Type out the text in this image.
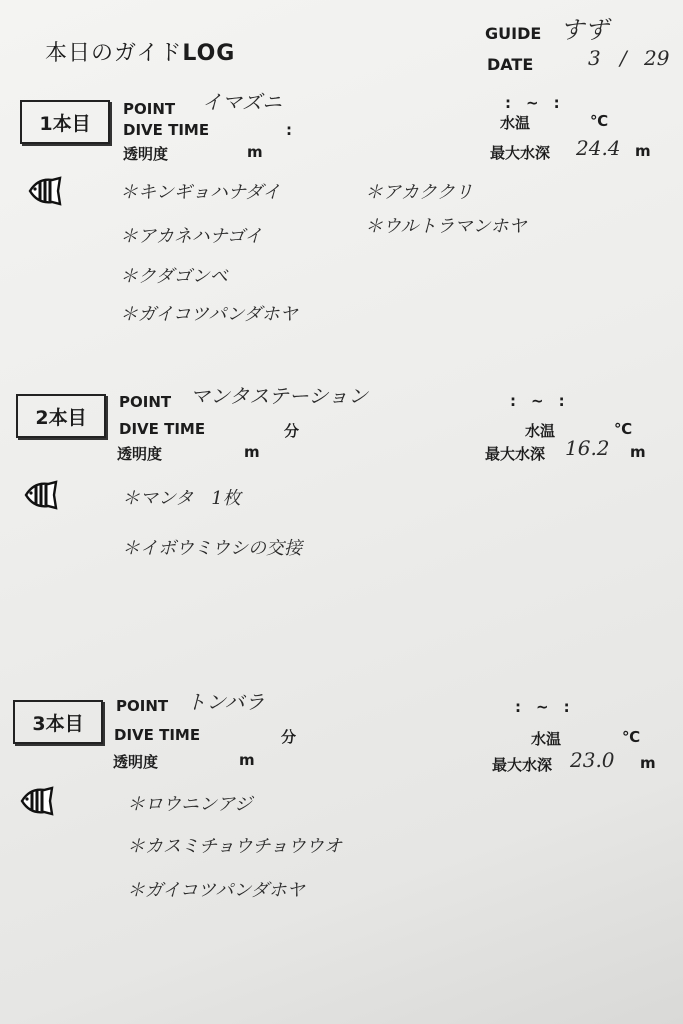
本日のガイドLOG
GUIDE すず
DATE	3 / 29
1本目
POINT イマズニ
DIVE TIME	:
透明度	m
:　~　:
水温	℃
最大水深 24.4 m
＊キンギョハナダイ
＊アカネハナゴイ
＊クダゴンベ
＊ガイコツパンダホヤ
＊アカククリ
＊ウルトラマンホヤ
2本目
POINT マンタステーション
DIVE TIME	分
透明度	m
:　~　:
水温	℃
最大水深 16.2 m
＊マンタ　1枚
＊イボウミウシの交接
3本目
POINT トンバラ
DIVE TIME	分
透明度	m
:　~　:
水温	℃
最大水深 23.0 m
＊ロウニンアジ
＊カスミチョウチョウウオ
＊ガイコツパンダホヤ
